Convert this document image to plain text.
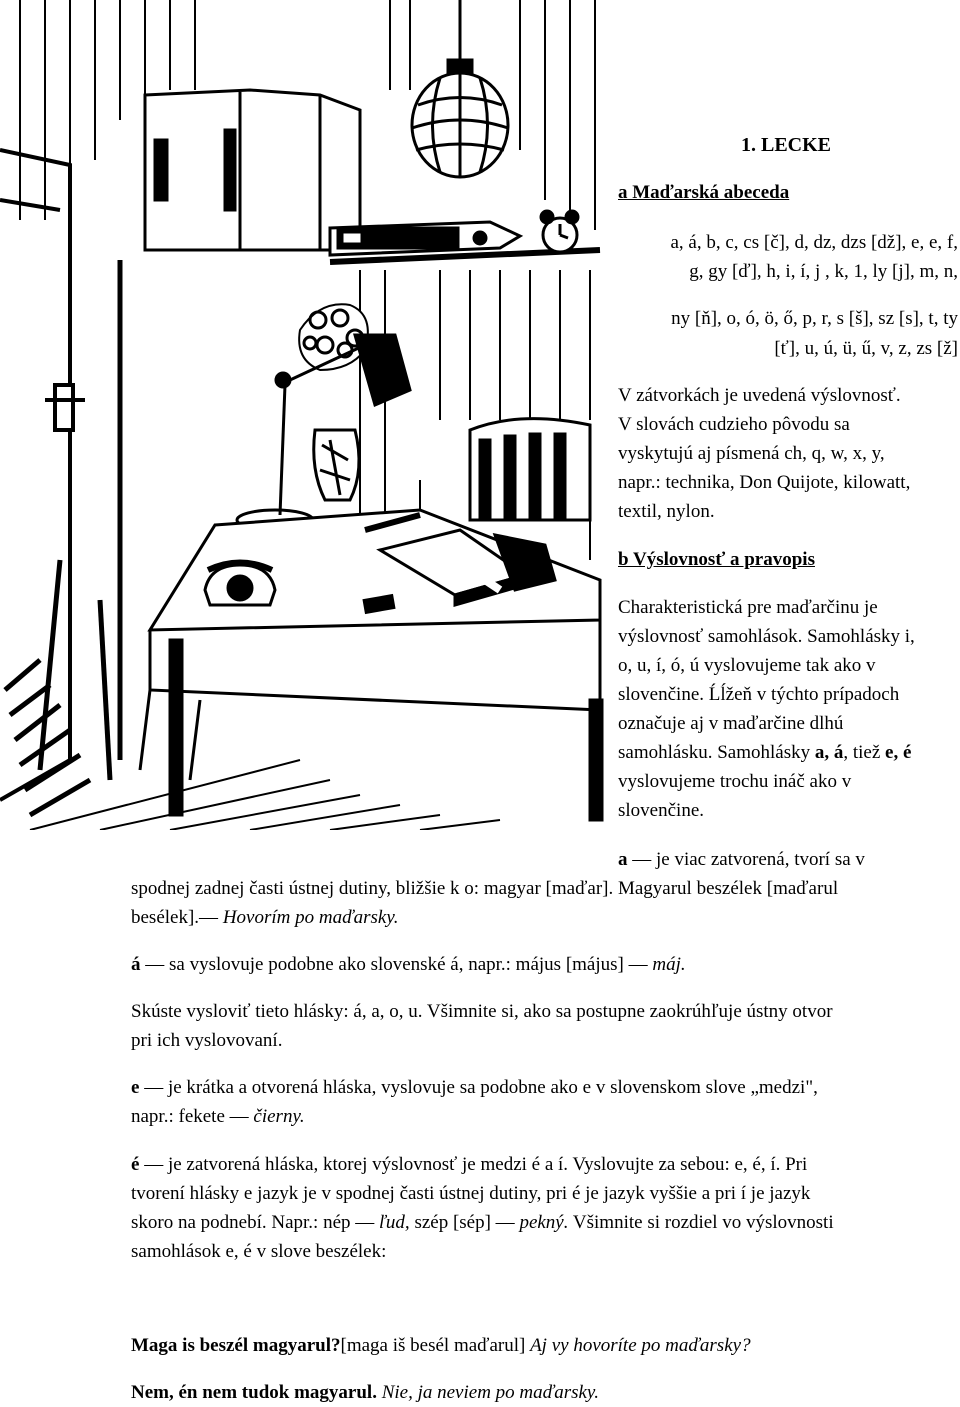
1. LECKE
a Maďarská abeceda
a, á, b, c, cs [č], d, dz, dzs [dž], e, e, f,
g, gy [ď], h, i, í, j , k, 1, ly [j], m, n,
ny [ň], o, ó, ö, ő, p, r, s [š], sz [s], t, ty
[ť], u, ú, ü, ű, v, z, zs [ž]
V zátvorkách je uvedená výslovnosť.
V slovách cudzieho pôvodu sa
vyskytujú aj písmená ch, q, w, x, y,
napr.: technika, Don Quijote, kilowatt,
textil, nylon.
b Výslovnosť a pravopis
Charakteristická pre maďarčinu je
výslovnosť samohlások. Samohlásky i,
o, u, í, ó, ú vyslovujeme tak ako v
slovenčine. Ĺĺžeň v týchto prípadoch
označuje aj v maďarčine dlhú
samohlásku. Samohlásky a, á, tiež e, é
vyslovujeme trochu ináč ako v
slovenčine.
a — je viac zatvorená, tvorí sa v
spodnej zadnej časti ústnej dutiny, bližšie k o: magyar [maďar]. Magyarul beszélek [maďarul
besélek].— Hovorím po maďarsky.
á — sa vyslovuje podobne ako slovenské á, napr.: május [május] — máj.
Skúste vysloviť tieto hlásky: á, a, o, u. Všimnite si, ako sa postupne zaokrúhľuje ústny otvor
pri ich vyslovovaní.
e — je krátka a otvorená hláska, vyslovuje sa podobne ako e v slovenskom slove „medzi",
napr.: fekete — čierny.
é — je zatvorená hláska, ktorej výslovnosť je medzi é a í. Vyslovujte za sebou: e, é, í. Pri
tvorení hlásky e jazyk je v spodnej časti ústnej dutiny, pri é je jazyk vyššie a pri í je jazyk
skoro na podnebí. Napr.: nép — ľud, szép [sép] — pekný. Všimnite si rozdiel vo výslovnosti
samohlások e, é v slove beszélek:
Maga is beszél magyarul?[maga iš besél maďarul] Aj vy hovoríte po maďarsky?
Nem, én nem tudok magyarul. Nie, ja neviem po maďarsky.
